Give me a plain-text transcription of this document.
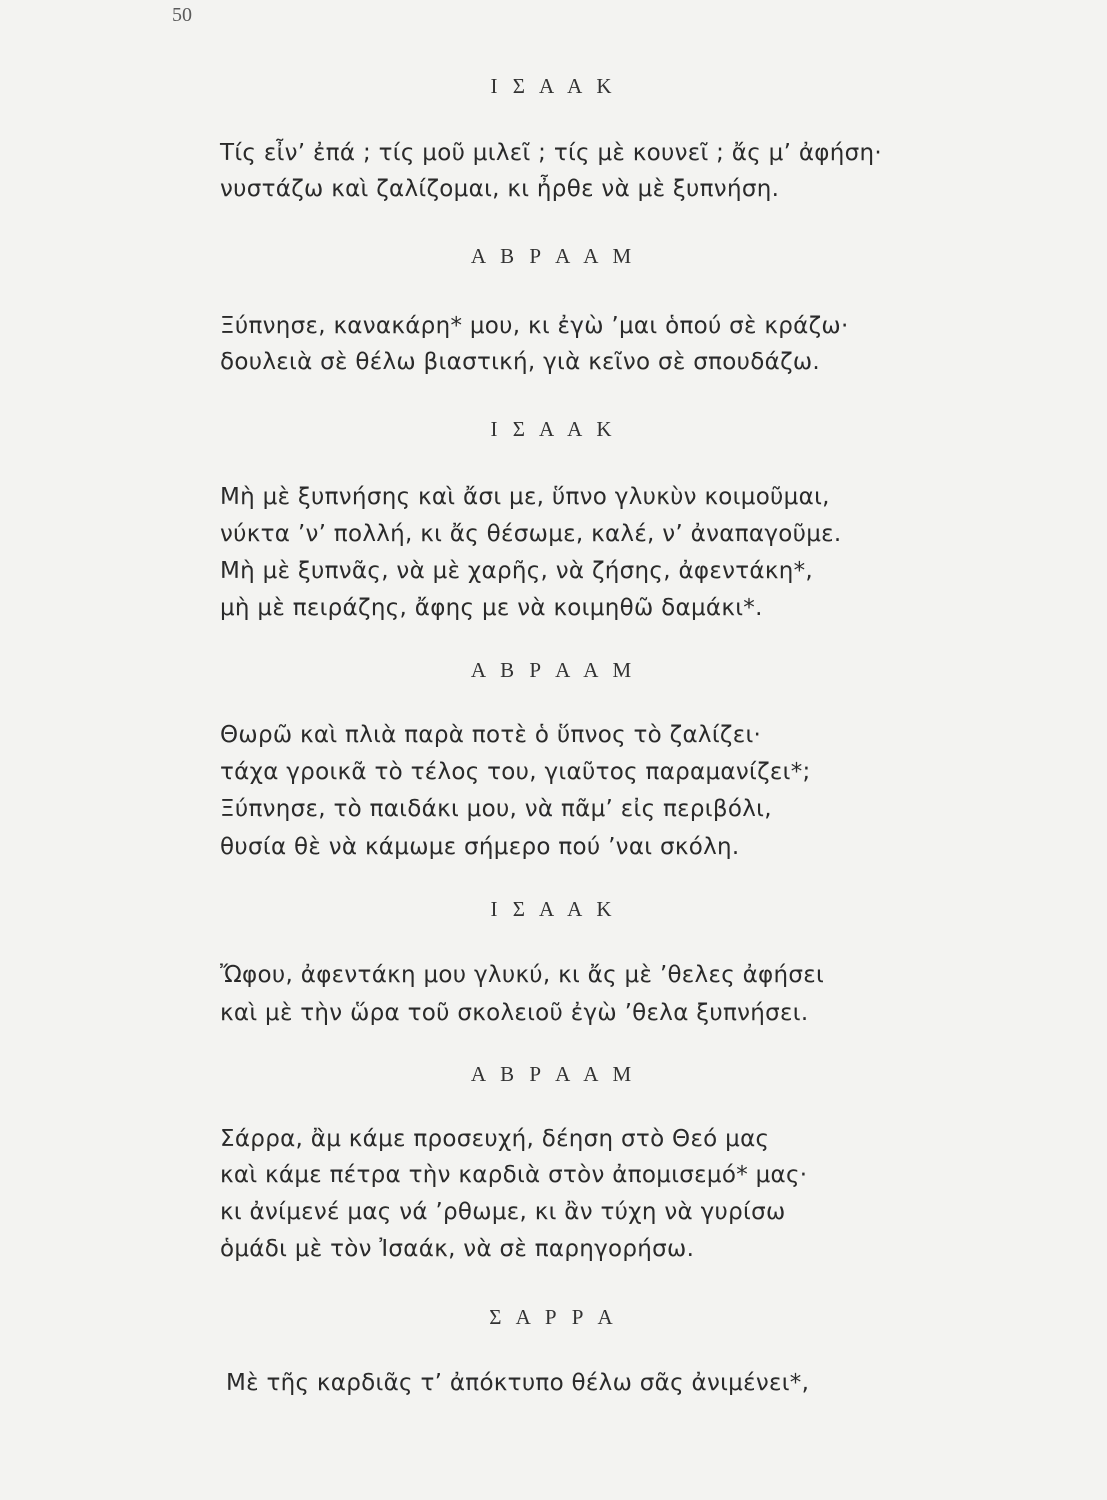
50
Ι Σ Α Α Κ
Τίς εἶν’ ἐπά ; τίς μοῦ μιλεῖ ; τίς μὲ κουνεῖ ; ἄς μ’ ἀφήση·
νυστάζω καὶ ζαλίζομαι, κι ἦρθε νὰ μὲ ξυπνήση.
Α Β Ρ Α Α Μ
Ξύπνησε, κανακάρη* μου, κι ἐγὼ ’μαι ὁπού σὲ κράζω·
δουλειὰ σὲ θέλω βιαστική, γιὰ κεῖνο σὲ σπουδάζω.
Ι Σ Α Α Κ
Μὴ μὲ ξυπνήσης καὶ ἄσι με, ὕπνο γλυκὺν κοιμοῦμαι,
νύκτα ’ν’ πολλή, κι ἄς θέσωμε, καλέ, ν’ ἀναπαγοῦμε.
Μὴ μὲ ξυπνᾶς, νὰ μὲ χαρῆς, νὰ ζήσης, ἀφεντάκη*,
μὴ μὲ πειράζης, ἄφης με νὰ κοιμηθῶ δαμάκι*.
Α Β Ρ Α Α Μ
Θωρῶ καὶ πλιὰ παρὰ ποτὲ ὁ ὕπνος τὸ ζαλίζει·
τάχα γροικᾶ τὸ τέλος του, γιαῦτος παραμανίζει*;
Ξύπνησε, τὸ παιδάκι μου, νὰ πᾶμ’ εἰς περιβόλι,
θυσία θὲ νὰ κάμωμε σήμερο πού ’ναι σκόλη.
Ι Σ Α Α Κ
Ὤφου, ἀφεντάκη μου γλυκύ, κι ἄς μὲ ’θελες ἀφήσει
καὶ μὲ τὴν ὥρα τοῦ σκολειοῦ ἐγὼ ’θελα ξυπνήσει.
Α Β Ρ Α Α Μ
Σάρρα, ἂμ κάμε προσευχή, δέηση στὸ Θεό μας
καὶ κάμε πέτρα τὴν καρδιὰ στὸν ἀπομισεμό* μας·
κι ἀνίμενέ μας νά ’ρθωμε, κι ἂν τύχη νὰ γυρίσω
ὁμάδι μὲ τὸν Ἰσαάκ, νὰ σὲ παρηγορήσω.
Σ Α Ρ Ρ Α
Μὲ τῆς καρδιᾶς τ’ ἀπόκτυπο θέλω σᾶς ἀνιμένει*,
